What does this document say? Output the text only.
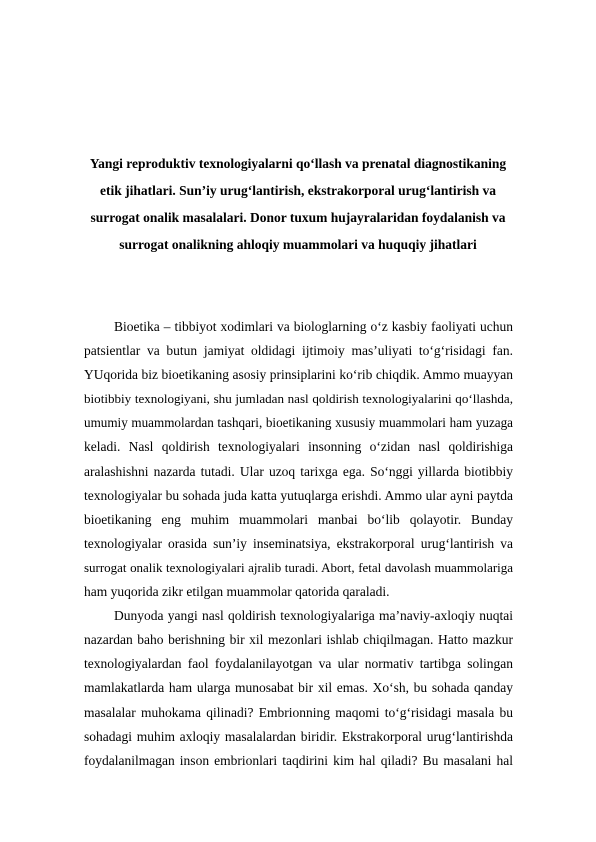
Yangi reproduktiv texnologiyalarni qo‘llash va prenatal diagnostikaning
etik jihatlari. Sun’iy urug‘lantirish, ekstrakorporal urug‘lantirish va
surrogat onalik masalalari. Donor tuxum hujayralaridan foydalanish va
surrogat onalikning ahloqiy muammolari va huquqiy jihatlari
Bioetika – tibbiyot xodimlari va biologlarning o‘z kasbiy faoliyati uchun
patsientlar va butun jamiyat oldidagi ijtimoiy mas’uliyati to‘g‘risidagi fan.
YUqorida biz bioetikaning asosiy prinsiplarini ko‘rib chiqdik. Ammo muayyan
biotibbiy texnologiyani, shu jumladan nasl qoldirish texnologiyalarini qo‘llashda,
umumiy muammolardan tashqari, bioetikaning xususiy muammolari ham yuzaga
keladi. Nasl qoldirish texnologiyalari insonning o‘zidan nasl qoldirishiga
aralashishni nazarda tutadi. Ular uzoq tarixga ega. So‘nggi yillarda biotibbiy
texnologiyalar bu sohada juda katta yutuqlarga erishdi. Ammo ular ayni paytda
bioetikaning eng muhim muammolari manbai bo‘lib qolayotir. Bunday
texnologiyalar orasida sun’iy inseminatsiya, ekstrakorporal urug‘lantirish va
surrogat onalik texnologiyalari ajralib turadi. Abort, fetal davolash muammolariga
ham yuqorida zikr etilgan muammolar qatorida qaraladi.
Dunyoda yangi nasl qoldirish texnologiyalariga ma’naviy-axloqiy nuqtai
nazardan baho berishning bir xil mezonlari ishlab chiqilmagan. Hatto mazkur
texnologiyalardan faol foydalanilayotgan va ular normativ tartibga solingan
mamlakatlarda ham ularga munosabat bir xil emas. Xo‘sh, bu sohada qanday
masalalar muhokama qilinadi? Embrionning maqomi to‘g‘risidagi masala bu
sohadagi muhim axloqiy masalalardan biridir. Ekstrakorporal urug‘lantirishda
foydalanilmagan inson embrionlari taqdirini kim hal qiladi? Bu masalani hal
